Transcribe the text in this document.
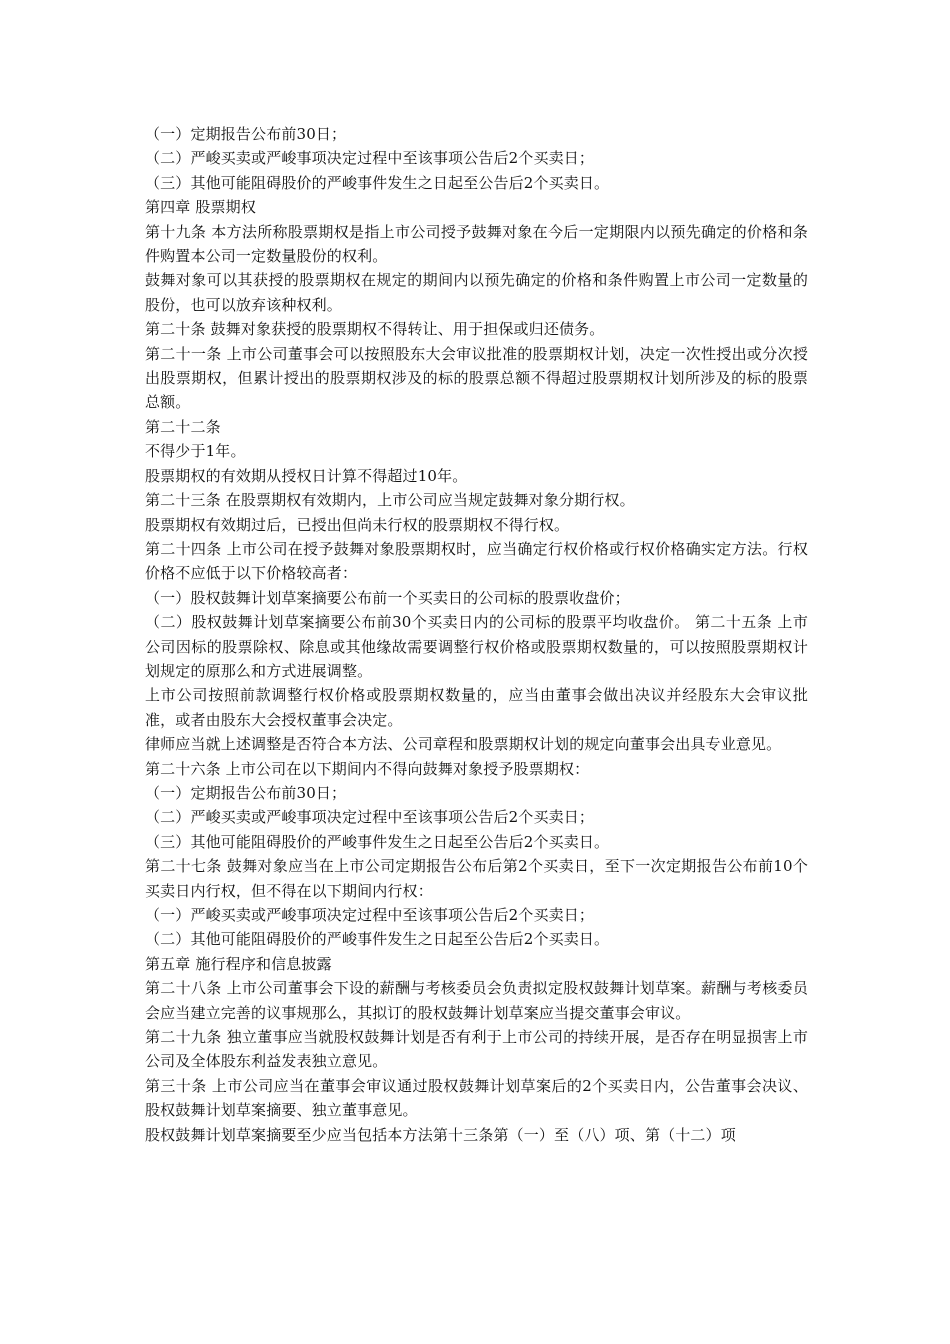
（一）定期报告公布前30日；

（二）严峻买卖或严峻事项决定过程中至该事项公告后2个买卖日；

（三）其他可能阻碍股价的严峻事件发生之日起至公告后2个买卖日。

第四章 股票期权

第十九条 本方法所称股票期权是指上市公司授予鼓舞对象在今后一定期限内以预先确定的价格和条件购置本公司一定数量股份的权利。

鼓舞对象可以其获授的股票期权在规定的期间内以预先确定的价格和条件购置上市公司一定数量的股份，也可以放弃该种权利。

第二十条 鼓舞对象获授的股票期权不得转让、用于担保或归还债务。

第二十一条 上市公司董事会可以按照股东大会审议批准的股票期权计划，决定一次性授出或分次授出股票期权，但累计授出的股票期权涉及的标的股票总额不得超过股票期权计划所涉及的标的股票总额。

第二十二条

不得少于1年。

股票期权的有效期从授权日计算不得超过10年。

第二十三条 在股票期权有效期内，上市公司应当规定鼓舞对象分期行权。

股票期权有效期过后，已授出但尚未行权的股票期权不得行权。

第二十四条 上市公司在授予鼓舞对象股票期权时，应当确定行权价格或行权价格确实定方法。行权价格不应低于以下价格较高者：

（一）股权鼓舞计划草案摘要公布前一个买卖日的公司标的股票收盘价；

（二）股权鼓舞计划草案摘要公布前30个买卖日内的公司标的股票平均收盘价。 第二十五条 上市公司因标的股票除权、除息或其他缘故需要调整行权价格或股票期权数量的，可以按照股票期权计划规定的原那么和方式进展调整。

上市公司按照前款调整行权价格或股票期权数量的，应当由董事会做出决议并经股东大会审议批准，或者由股东大会授权董事会决定。

律师应当就上述调整是否符合本方法、公司章程和股票期权计划的规定向董事会出具专业意见。

第二十六条 上市公司在以下期间内不得向鼓舞对象授予股票期权：

（一）定期报告公布前30日；

（二）严峻买卖或严峻事项决定过程中至该事项公告后2个买卖日；

（三）其他可能阻碍股价的严峻事件发生之日起至公告后2个买卖日。

第二十七条 鼓舞对象应当在上市公司定期报告公布后第2个买卖日，至下一次定期报告公布前10个买卖日内行权，但不得在以下期间内行权：

（一）严峻买卖或严峻事项决定过程中至该事项公告后2个买卖日；

（二）其他可能阻碍股价的严峻事件发生之日起至公告后2个买卖日。

第五章 施行程序和信息披露

第二十八条 上市公司董事会下设的薪酬与考核委员会负责拟定股权鼓舞计划草案。薪酬与考核委员会应当建立完善的议事规那么，其拟订的股权鼓舞计划草案应当提交董事会审议。

第二十九条 独立董事应当就股权鼓舞计划是否有利于上市公司的持续开展，是否存在明显损害上市公司及全体股东利益发表独立意见。

第三十条 上市公司应当在董事会审议通过股权鼓舞计划草案后的2个买卖日内，公告董事会决议、股权鼓舞计划草案摘要、独立董事意见。

股权鼓舞计划草案摘要至少应当包括本方法第十三条第（一）至（八）项、第（十二）项
